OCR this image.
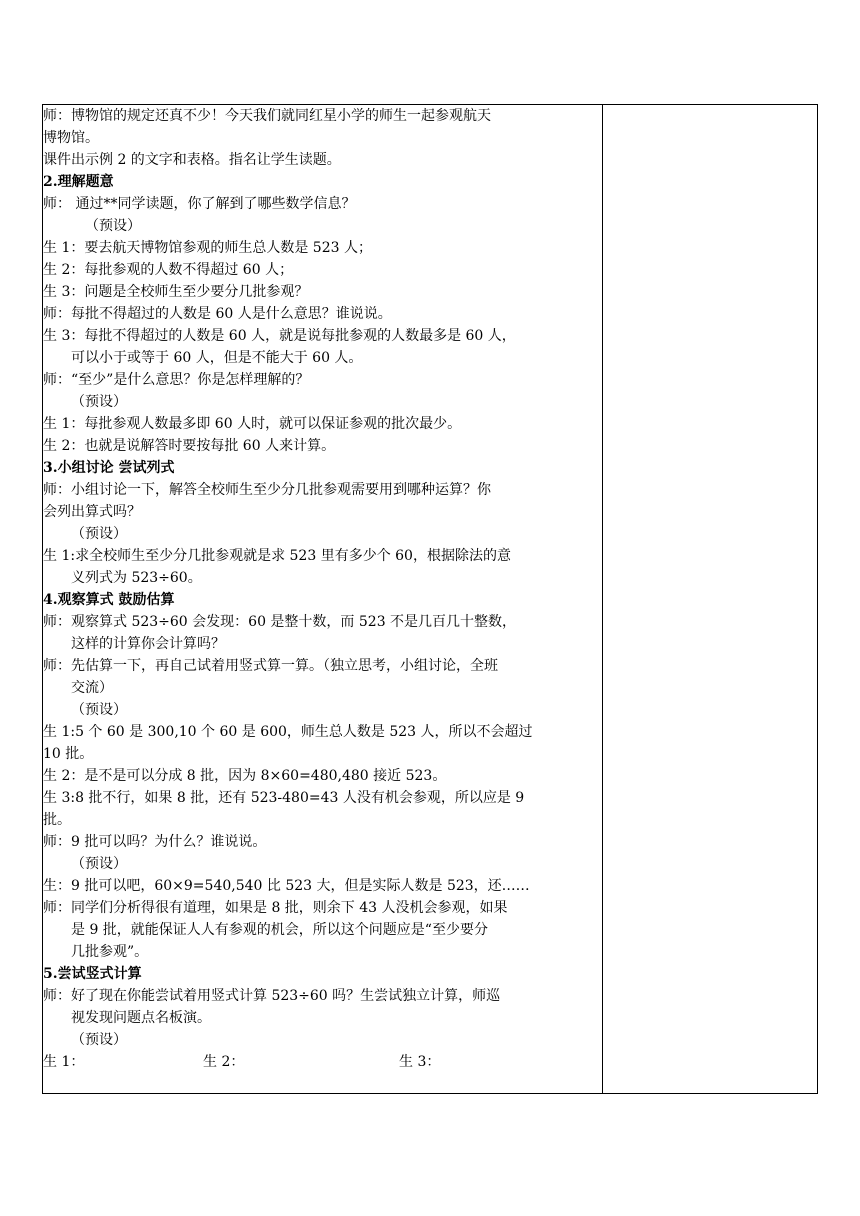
师：博物馆的规定还真不少！今天我们就同红星小学的师生一起参观航天
博物馆。
课件出示例 2 的文字和表格。指名让学生读题。
2.理解题意
师： 通过**同学读题，你了解到了哪些数学信息？
（预设）
生 1：要去航天博物馆参观的师生总人数是 523 人；
生 2：每批参观的人数不得超过 60 人；
生 3：问题是全校师生至少要分几批参观？
师：每批不得超过的人数是 60 人是什么意思？谁说说。
生 3：每批不得超过的人数是 60 人，就是说每批参观的人数最多是 60 人，
可以小于或等于 60 人，但是不能大于 60 人。
师：“至少”是什么意思？你是怎样理解的？
（预设）
生 1：每批参观人数最多即 60 人时，就可以保证参观的批次最少。
生 2：也就是说解答时要按每批 60 人来计算。
3.小组讨论 尝试列式
师：小组讨论一下，解答全校师生至少分几批参观需要用到哪种运算？你
会列出算式吗？
（预设）
生 1:求全校师生至少分几批参观就是求 523 里有多少个 60，根据除法的意
义列式为 523÷60。
4.观察算式 鼓励估算
师：观察算式 523÷60 会发现：60 是整十数，而 523 不是几百几十整数，
这样的计算你会计算吗？
师：先估算一下，再自己试着用竖式算一算。（独立思考，小组讨论，全班
交流）
（预设）
生 1:5 个 60 是 300,10 个 60 是 600，师生总人数是 523 人，所以不会超过
10 批。
生 2：是不是可以分成 8 批，因为 8×60=480,480 接近 523。
生 3:8 批不行，如果 8 批，还有 523-480=43 人没有机会参观，所以应是 9
批。
师：9 批可以吗？为什么？谁说说。
（预设）
生：9 批可以吧，60×9=540,540 比 523 大，但是实际人数是 523，还……
师：同学们分析得很有道理，如果是 8 批，则余下 43 人没机会参观，如果
是 9 批，就能保证人人有参观的机会，所以这个问题应是“至少要分
几批参观”。
5.尝试竖式计算
师：好了现在你能尝试着用竖式计算 523÷60 吗？生尝试独立计算，师巡
视发现问题点名板演。
（预设）
生 1：	生 2：	生 3：
